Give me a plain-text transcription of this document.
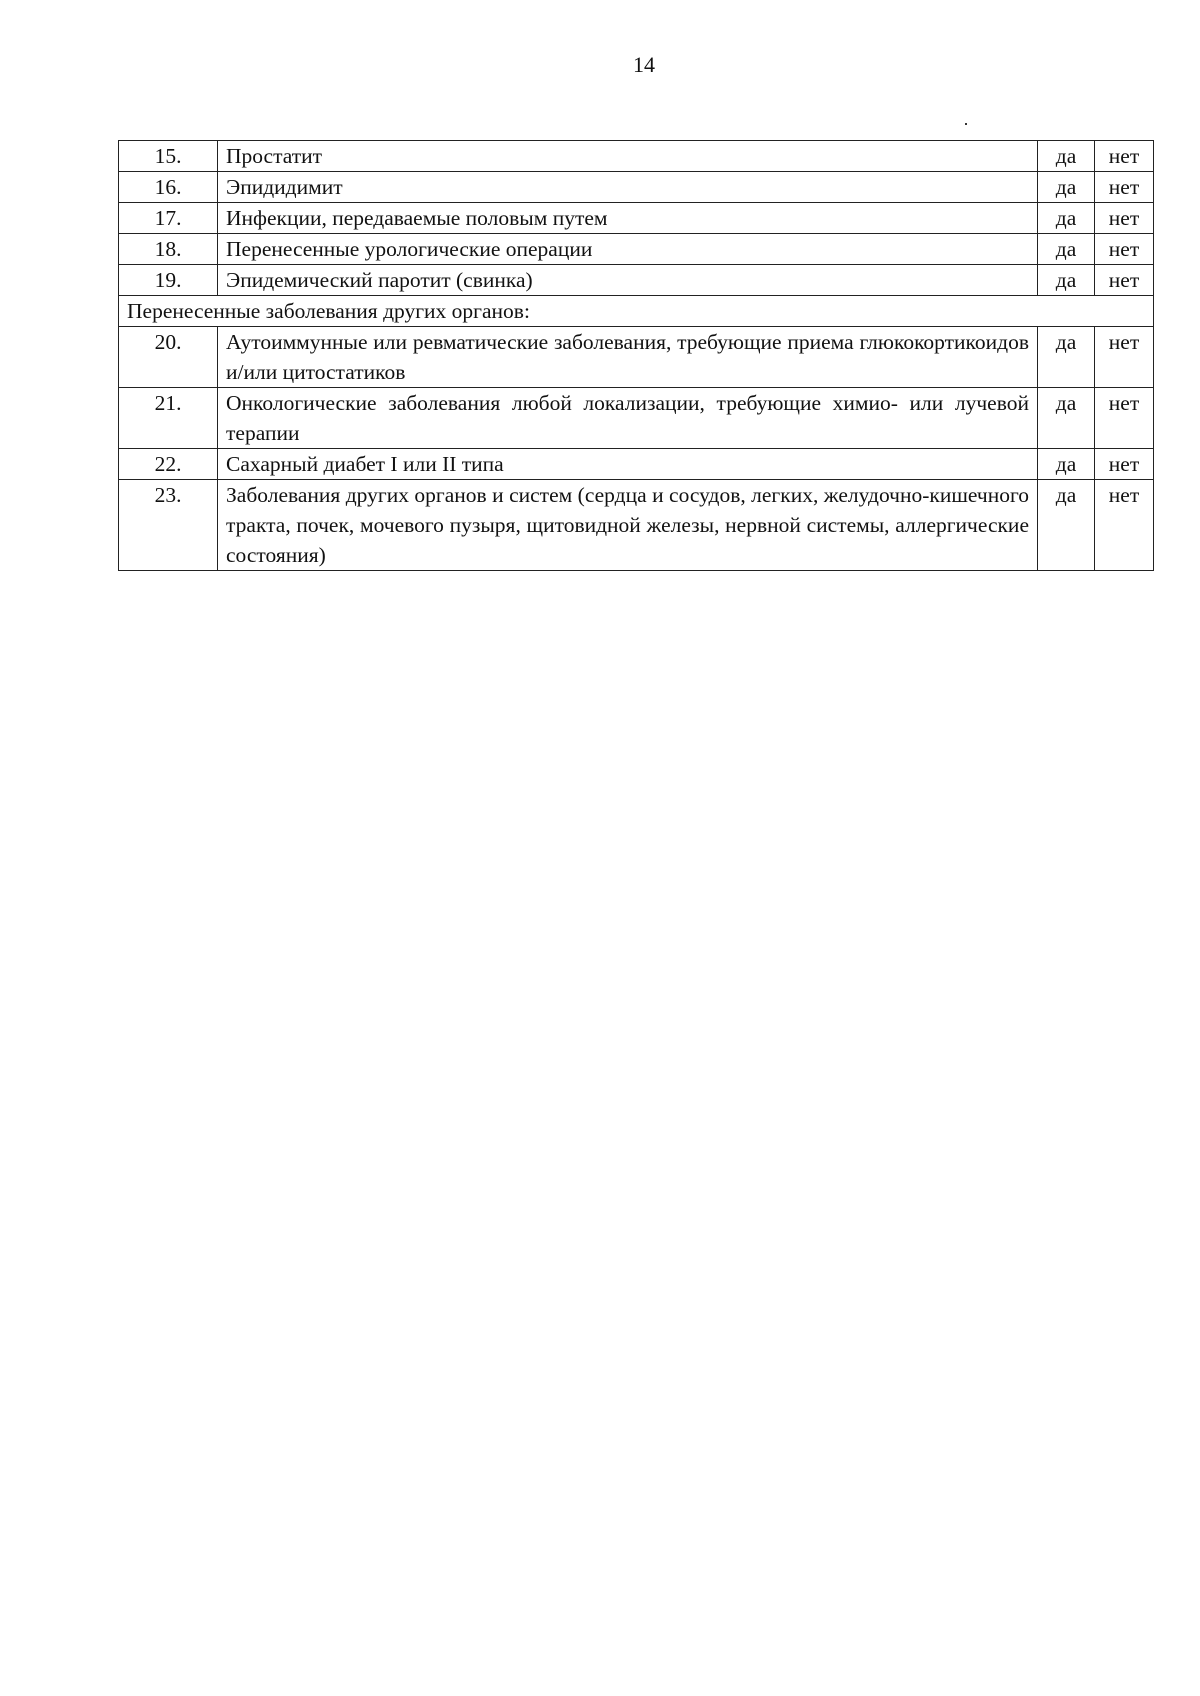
14
15.	Простатит	да	нет
16.	Эпидидимит	да	нет
17.	Инфекции, передаваемые половым путем	да	нет
18.	Перенесенные урологические операции	да	нет
19.	Эпидемический паротит (свинка)	да	нет
Перенесенные заболевания других органов:			
20.	Аутоиммунные или ревматические заболевания, требующие приема глюкокортикоидов и/или цитостатиков	да	нет
21.	Онкологические заболевания любой локализации, требующие химио- или лучевой терапии	да	нет
22.	Сахарный диабет I или II типа	да	нет
23.	Заболевания других органов и систем (сердца и сосудов, легких, желудочно-кишечного тракта, почек, мочевого пузыря, щитовидной железы, нервной системы, аллергические состояния)	да	нет
